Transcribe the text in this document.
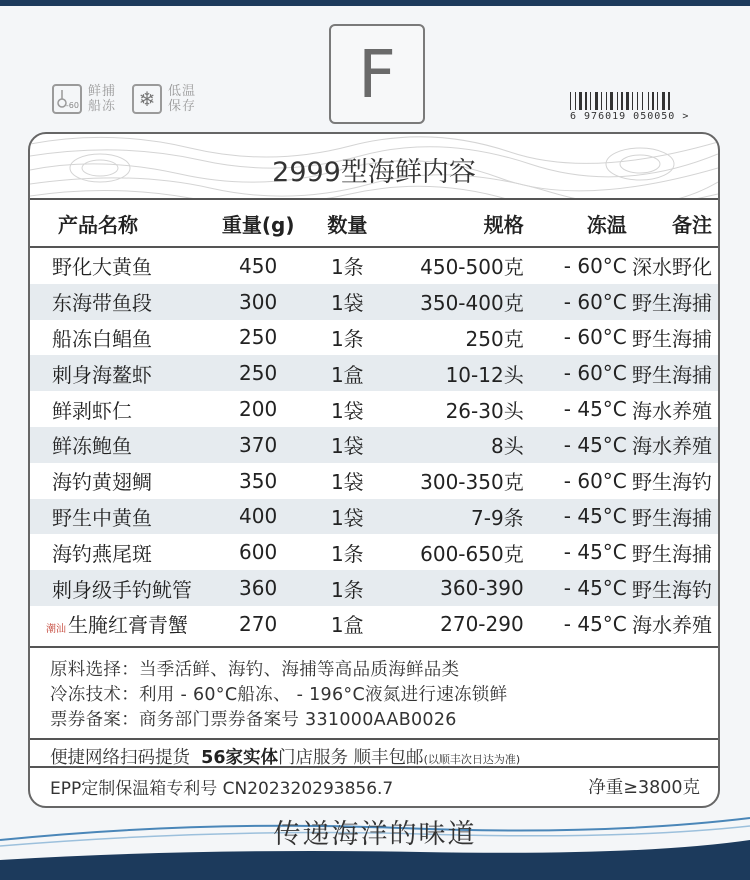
F
-60
鲜捕
船冻	❄ 低温
保存
6 976019 050050 >
2999型海鲜内容
产品名称	重量(g)	数量	规格	冻温	备注
野化大黄鱼	450	1条	450-500克	- 60°C 深水野化
东海带鱼段	300	1袋	350-400克	- 60°C 野生海捕
船冻白鲳鱼	250	1条	250克	- 60°C 野生海捕
刺身海鳌虾	250	1盒	10-12头	- 60°C 野生海捕
鲜剥虾仁	200	1袋	26-30头	- 45°C 海水养殖
鲜冻鲍鱼	370	1袋	8头	- 45°C 海水养殖
海钓黄翅鲷	350	1袋	300-350克	- 60°C 野生海钓
野生中黄鱼	400	1袋	7-9条	- 45°C 野生海捕
海钓燕尾斑	600	1条	600-650克	- 45°C 野生海捕
刺身级手钓鱿管	360	1条	360-390	- 45°C 野生海钓
潮汕 生腌红膏青蟹	270	1盒	270-290	- 45°C 海水养殖
原料选择：当季活鲜、海钓、海捕等高品质海鲜品类
冷冻技术：利用 - 60°C船冻、 - 196°C液氮进行速冻锁鲜
票券备案：商务部门票券备案号 331000AAB0026
便捷网络扫码提货 56家实体门店服务 顺丰包邮(以顺丰次日达为准)
EPP定制保温箱专利号 CN202320293856.7	净重≥3800克
传递海洋的味道
